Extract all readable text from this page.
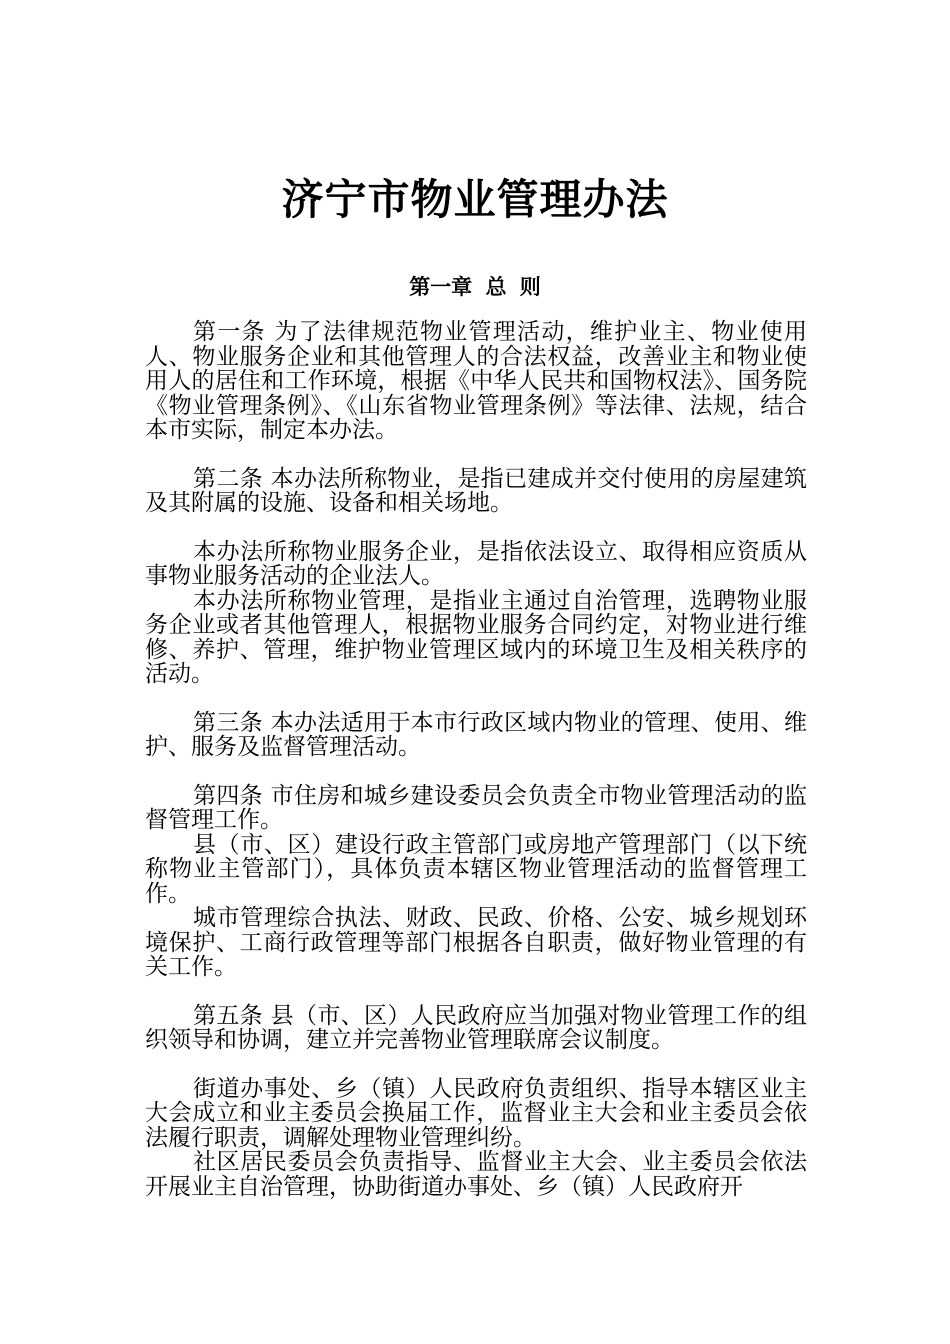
济宁市物业管理办法
第一章 总 则

第一条 为了法律规范物业管理活动，维护业主、物业使用人、物业服务企业和其他管理人的合法权益，改善业主和物业使用人的居住和工作环境，根据《中华人民共和国物权法》、国务院《物业管理条例》、《山东省物业管理条例》等法律、法规，结合本市实际，制定本办法。

第二条 本办法所称物业，是指已建成并交付使用的房屋建筑及其附属的设施、设备和相关场地。

本办法所称物业服务企业，是指依法设立、取得相应资质从事物业服务活动的企业法人。

本办法所称物业管理，是指业主通过自治管理，选聘物业服务企业或者其他管理人，根据物业服务合同约定，对物业进行维修、养护、管理，维护物业管理区域内的环境卫生及相关秩序的活动。

第三条 本办法适用于本市行政区域内物业的管理、使用、维护、服务及监督管理活动。

第四条 市住房和城乡建设委员会负责全市物业管理活动的监督管理工作。

县（市、区）建设行政主管部门或房地产管理部门（以下统称物业主管部门），具体负责本辖区物业管理活动的监督管理工作。

城市管理综合执法、财政、民政、价格、公安、城乡规划环境保护、工商行政管理等部门根据各自职责，做好物业管理的有关工作。

第五条 县（市、区）人民政府应当加强对物业管理工作的组织领导和协调，建立并完善物业管理联席会议制度。

街道办事处、乡（镇）人民政府负责组织、指导本辖区业主大会成立和业主委员会换届工作，监督业主大会和业主委员会依法履行职责，调解处理物业管理纠纷。

社区居民委员会负责指导、监督业主大会、业主委员会依法开展业主自治管理，协助街道办事处、乡（镇）人民政府开
